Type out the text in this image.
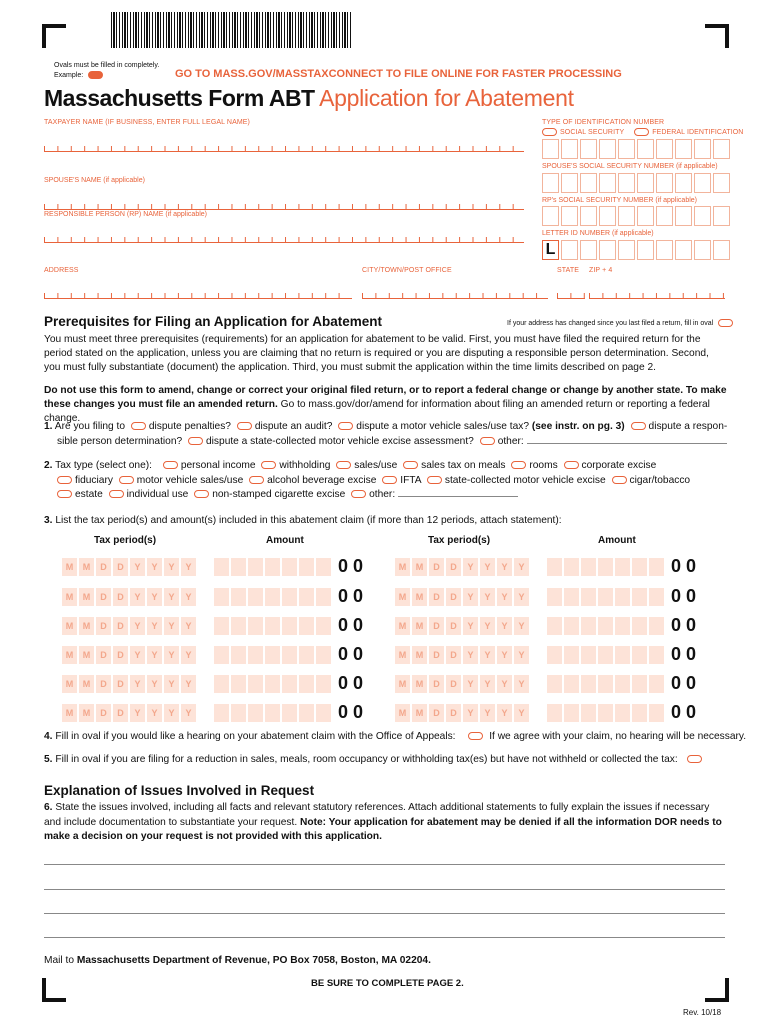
Ovals must be filled in completely.
Example:	GO TO MASS.GOV/MASSTAXCONNECT TO FILE ONLINE FOR FASTER PROCESSING
Massachusetts Form ABT Application for Abatement
TAXPAYER NAME (IF BUSINESS, ENTER FULL LEGAL NAME)	TYPE OF IDENTIFICATION NUMBER
SOCIAL SECURITY	FEDERAL IDENTIFICATION
SPOUSE'S SOCIAL SECURITY NUMBER (if applicable)
SPOUSE'S NAME (if applicable)
RP's SOCIAL SECURITY NUMBER (if applicable)
RESPONSIBLE PERSON (RP) NAME (if applicable)
LETTER ID NUMBER (if applicable)
L
ADDRESS	CITY/TOWN/POST OFFICE	STATE ZIP + 4
Prerequisites for Filing an Application for Abatement	If your address has changed since you last filed a return, fill in oval
You must meet three prerequisites (requirements) for an application for abatement to be valid. First, you must have filed the required return for the period stated on the application, unless you are claiming that no return is required or you are disputing a responsible person determination. Second, you must fully substantiate (document) the application. Third, you must submit the application within the time limits described on page 2.
Do not use this form to amend, change or correct your original filed return, or to report a federal change or change by another state. To make these changes you must file an amended return. Go to mass.gov/dor/amend for information about filing an amended return or reporting a federal change.
1. Are you filing to dispute penalties? dispute an audit? dispute a motor vehicle sales/use tax? (see instr. on pg. 3) dispute a respon-
sible person determination? dispute a state-collected motor vehicle excise assessment? other:
2. Tax type (select one):	personal income withholding sales/use sales tax on meals rooms corporate excise
fiduciary motor vehicle sales/use alcohol beverage excise IFTA state-collected motor vehicle excise cigar/tobacco
estate individual use non-stamped cigarette excise other:
3. List the tax period(s) and amount(s) included in this abatement claim (if more than 12 periods, attach statement):
Tax period(s)	Amount	Tax period(s)	Amount
M	M	D	D	Y	Y	Y	Y	0 0	M	M	D	D	Y	Y	Y	Y	0 0
M	M	D	D	Y	Y	Y	Y	0 0	M	M	D	D	Y	Y	Y	Y	0 0
M	M	D	D	Y	Y	Y	Y	0 0	M	M	D	D	Y	Y	Y	Y	0 0
M	M	D	D	Y	Y	Y	Y	0 0	M	M	D	D	Y	Y	Y	Y	0 0
M	M	D	D	Y	Y	Y	Y	0 0	M	M	D	D	Y	Y	Y	Y	0 0
M	M	D	D	Y	Y	Y	Y	0 0	M	M	D	D	Y	Y	Y	Y	0 0
4. Fill in oval if you would like a hearing on your abatement claim with the Office of Appeals:	If we agree with your claim, no hearing will be necessary.
5. Fill in oval if you are filing for a reduction in sales, meals, room occupancy or withholding tax(es) but have not withheld or collected the tax:
Explanation of Issues Involved in Request
6. State the issues involved, including all facts and relevant statutory references. Attach additional statements to fully explain the issues if necessary and include documentation to substantiate your request. Note: Your application for abatement may be denied if all the information DOR needs to make a decision on your request is not provided with this application.
Mail to Massachusetts Department of Revenue, PO Box 7058, Boston, MA 02204.
BE SURE TO COMPLETE PAGE 2.
Rev. 10/18
